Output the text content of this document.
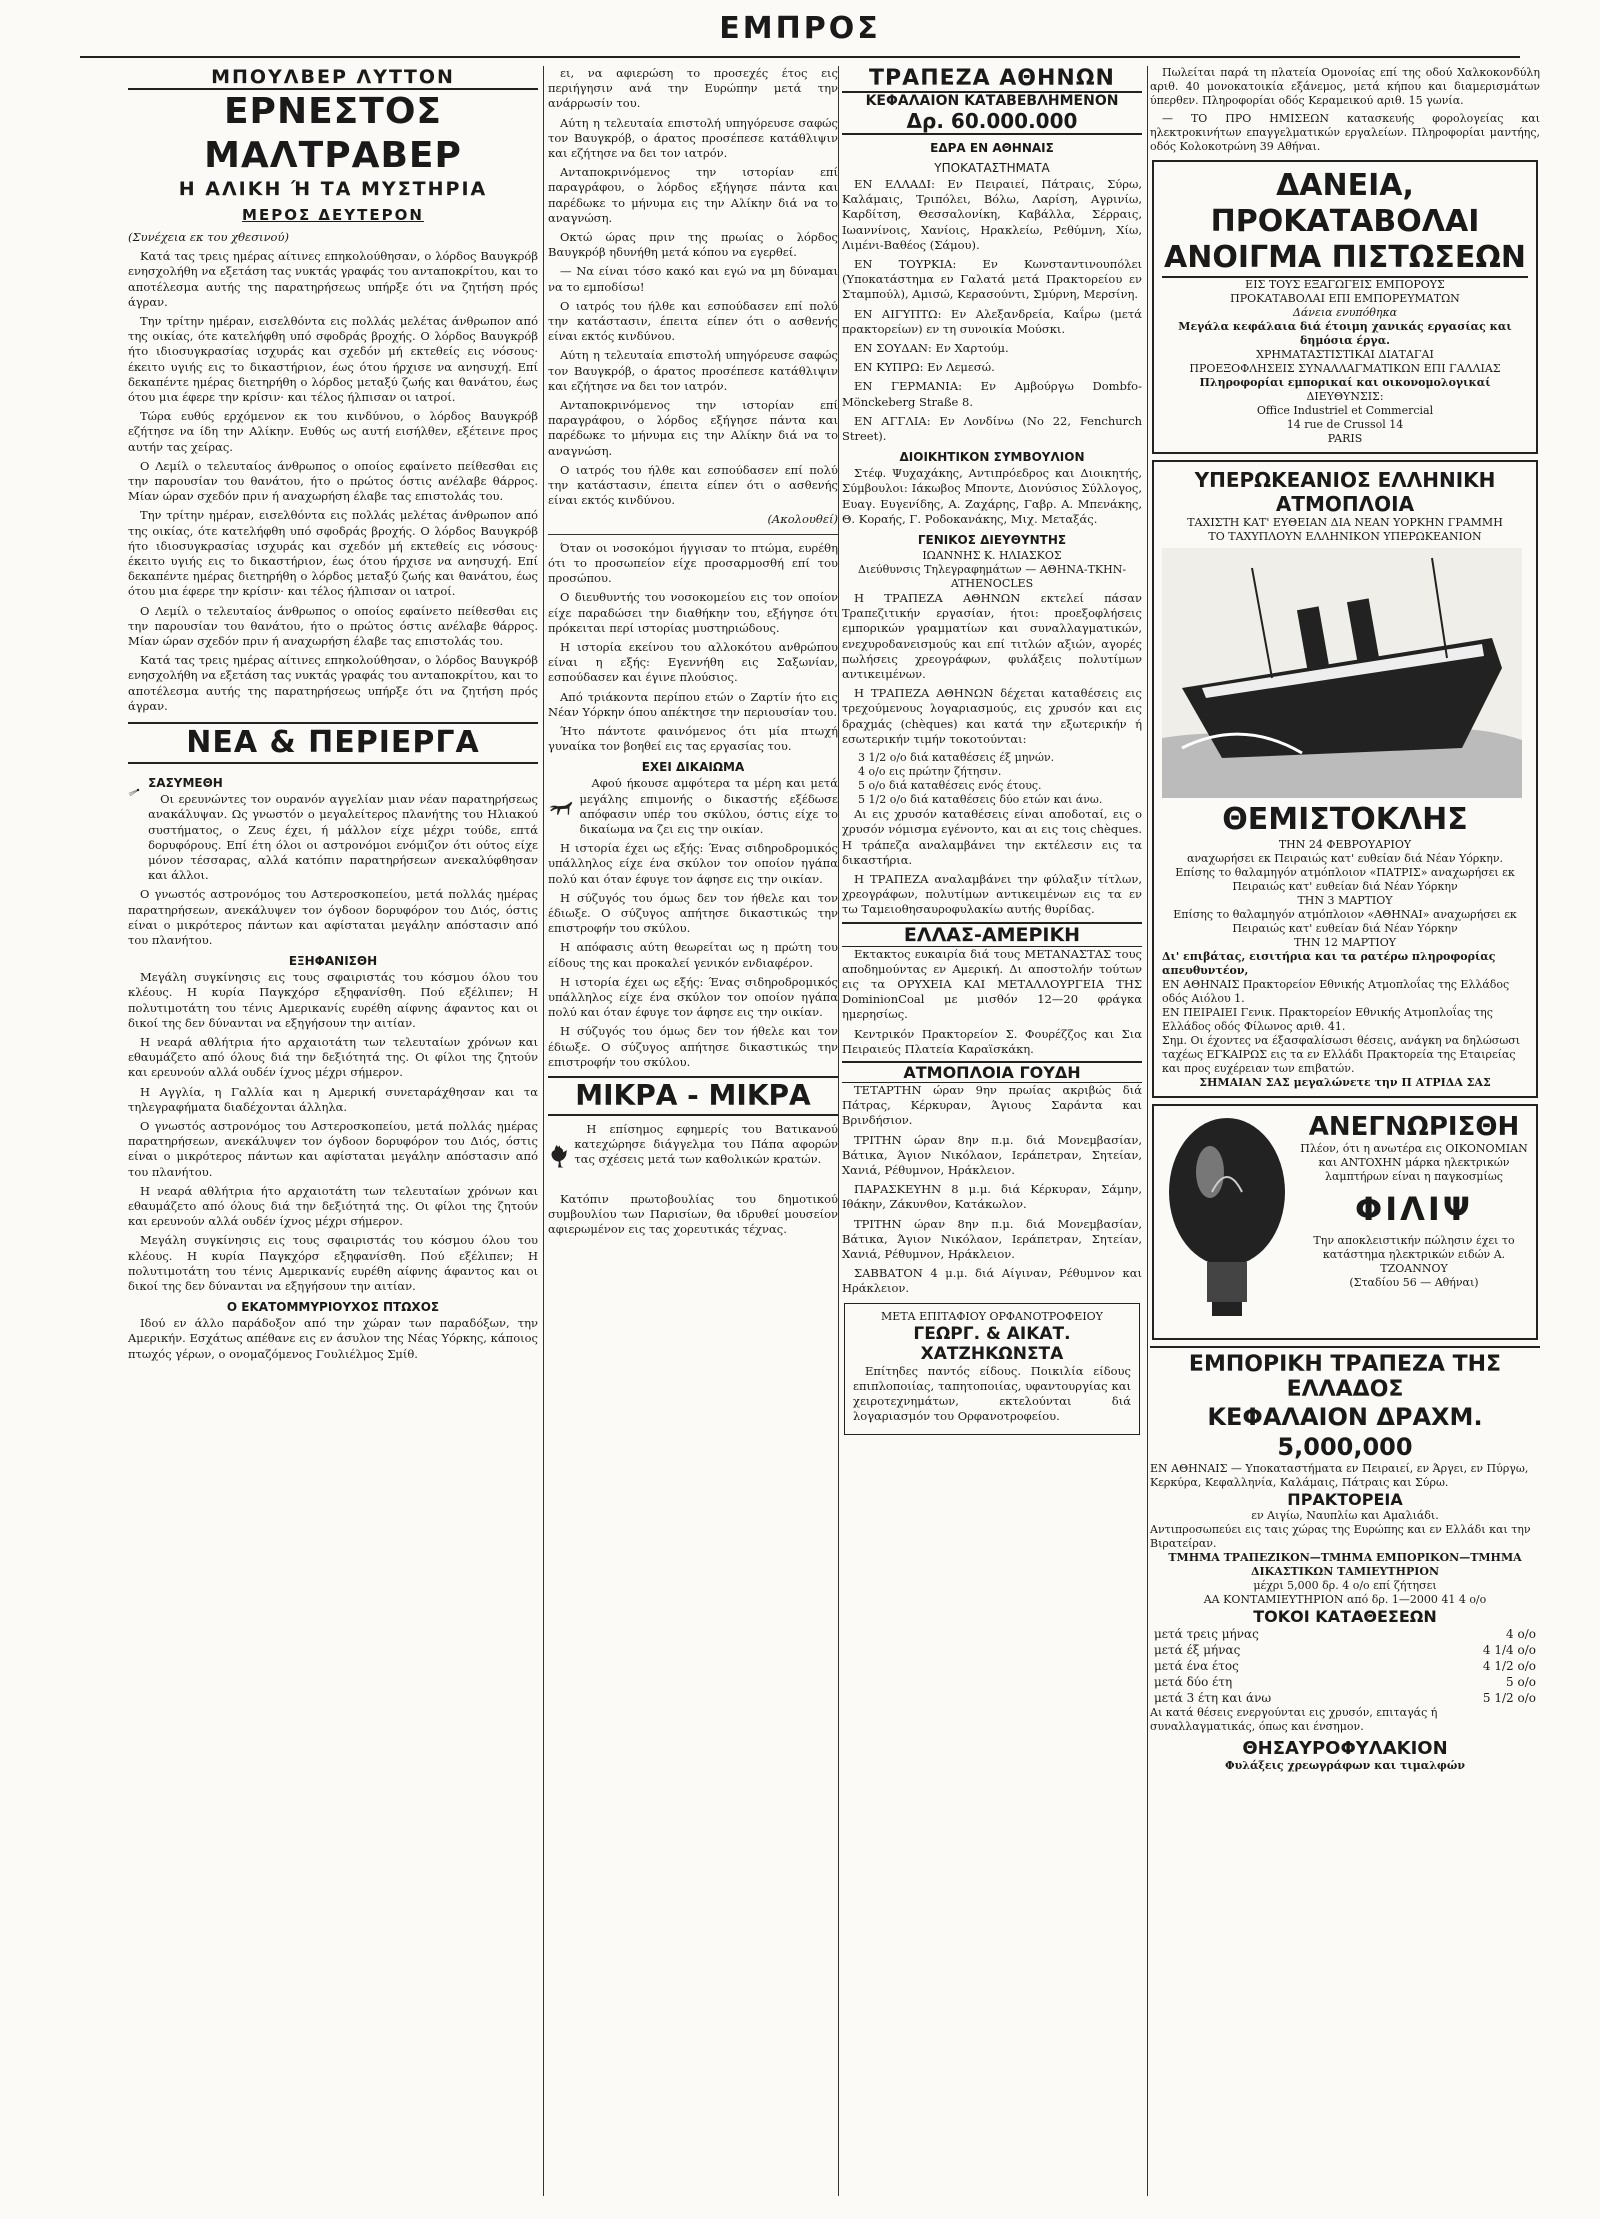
ΕΜΠΡΟΣ
ΜΠΟΥΛΒΕΡ ΛΥΤΤΟΝ
ΕΡΝΕΣΤΟΣ ΜΑΛΤΡΑΒΕΡ
Η ΑΛΙΚΗ Ή ΤΑ ΜΥΣΤΗΡΙΑ
ΜΕΡΟΣ ΔΕΥΤΕΡΟΝ
(Συνέχεια εκ του χθεσινού)

Κατά τας τρεις ημέρας αίτινες επηκολούθησαν, ο λόρδος Βαυγκρόβ ενησχολήθη να εξετάση τας νυκτάς γραφάς του ανταποκρίτου, και το αποτέλεσμα αυτής της παρατηρήσεως υπήρξε ότι να ζητήση πρός άγραν.

Την τρίτην ημέραν, εισελθόντα εις πολλάς μελέτας άνθρωπον από της οικίας, ότε κατελήφθη υπό σφοδράς βροχής. Ο λόρδος Βαυγκρόβ ήτο ιδιοσυγκρασίας ισχυράς και σχεδόν μή εκτεθείς εις νόσους· έκειτο υγιής εις το δικαστήριον, έως ότου ήρχισε να ανησυχή. Επί δεκαπέντε ημέρας διετηρήθη ο λόρδος μεταξύ ζωής και θανάτου, έως ότου μια έφερε την κρίσιν· και τέλος ήλπισαν οι ιατροί.

Τώρα ευθύς ερχόμενον εκ του κινδύνου, ο λόρδος Βαυγκρόβ εζήτησε να ίδη την Αλίκην. Ευθύς ως αυτή εισήλθεν, εξέτεινε προς αυτήν τας χείρας.

Ο Λεμίλ ο τελευταίος άνθρωπος ο οποίος εφαίνετο πείθεσθαι εις την παρουσίαν του θανάτου, ήτο ο πρώτος όστις ανέλαβε θάρρος. Μίαν ώραν σχεδόν πριν ή αναχωρήση έλαβε τας επιστολάς του.

Την τρίτην ημέραν, εισελθόντα εις πολλάς μελέτας άνθρωπον από της οικίας, ότε κατελήφθη υπό σφοδράς βροχής. Ο λόρδος Βαυγκρόβ ήτο ιδιοσυγκρασίας ισχυράς και σχεδόν μή εκτεθείς εις νόσους· έκειτο υγιής εις το δικαστήριον, έως ότου ήρχισε να ανησυχή. Επί δεκαπέντε ημέρας διετηρήθη ο λόρδος μεταξύ ζωής και θανάτου, έως ότου μια έφερε την κρίσιν· και τέλος ήλπισαν οι ιατροί.

Ο Λεμίλ ο τελευταίος άνθρωπος ο οποίος εφαίνετο πείθεσθαι εις την παρουσίαν του θανάτου, ήτο ο πρώτος όστις ανέλαβε θάρρος. Μίαν ώραν σχεδόν πριν ή αναχωρήση έλαβε τας επιστολάς του.

Κατά τας τρεις ημέρας αίτινες επηκολούθησαν, ο λόρδος Βαυγκρόβ ενησχολήθη να εξετάση τας νυκτάς γραφάς του ανταποκρίτου, και το αποτέλεσμα αυτής της παρατηρήσεως υπήρξε ότι να ζητήση πρός άγραν.

ΝΕΑ & ΠΕΡΙΕΡΓΑ
ΣΑΣΥΜΕΘΗ

Οι ερευνώντες τον ουρανόν αγγελίαν μιαν νέαν παρατηρήσεως ανακάλυψαν. Ως γνωστόν ο μεγαλείτερος πλανήτης του Ηλιακού συστήματος, ο Ζευς έχει, ή μάλλον είχε μέχρι τούδε, επτά δορυφόρους. Επί έτη όλοι οι αστρονόμοι ενόμιζον ότι ούτος είχε μόνον τέσσαρας, αλλά κατόπιν παρατηρήσεων ανεκαλύφθησαν και άλλοι.

Ο γνωστός αστρονόμος του Αστεροσκοπείου, μετά πολλάς ημέρας παρατηρήσεων, ανεκάλυψεν τον όγδοον δορυφόρον του Διός, όστις είναι ο μικρότερος πάντων και αφίσταται μεγάλην απόστασιν από του πλανήτου.

ΕΞΗΦΑΝΙΣΘΗ

Μεγάλη συγκίνησις εις τους σφαιριστάς του κόσμου όλου του κλέους. Η κυρία Παγκχόρσ εξηφανίσθη. Πού εξέλιπεν; Η πολυτιμοτάτη του τένις Αμερικανίς ευρέθη αίφνης άφαντος και οι δικοί της δεν δύνανται να εξηγήσουν την αιτίαν.

Η νεαρά αθλήτρια ήτο αρχαιοτάτη των τελευταίων χρόνων και εθαυμάζετο από όλους διά την δεξιότητά της. Οι φίλοι της ζητούν και ερευνούν αλλά ουδέν ίχνος μέχρι σήμερον.

Η Αγγλία, η Γαλλία και η Αμερική συνεταράχθησαν και τα τηλεγραφήματα διαδέχονται άλληλα.

Ο γνωστός αστρονόμος του Αστεροσκοπείου, μετά πολλάς ημέρας παρατηρήσεων, ανεκάλυψεν τον όγδοον δορυφόρον του Διός, όστις είναι ο μικρότερος πάντων και αφίσταται μεγάλην απόστασιν από του πλανήτου.

Η νεαρά αθλήτρια ήτο αρχαιοτάτη των τελευταίων χρόνων και εθαυμάζετο από όλους διά την δεξιότητά της. Οι φίλοι της ζητούν και ερευνούν αλλά ουδέν ίχνος μέχρι σήμερον.

Μεγάλη συγκίνησις εις τους σφαιριστάς του κόσμου όλου του κλέους. Η κυρία Παγκχόρσ εξηφανίσθη. Πού εξέλιπεν; Η πολυτιμοτάτη του τένις Αμερικανίς ευρέθη αίφνης άφαντος και οι δικοί της δεν δύνανται να εξηγήσουν την αιτίαν.

Ο ΕΚΑΤΟΜΜΥΡΙΟΥΧΟΣ ΠΤΩΧΟΣ

Ιδού εν άλλο παράδοξον από την χώραν των παραδόξων, την Αμερικήν. Εσχάτως απέθανε εις εν άσυλον της Νέας Υόρκης, κάποιος πτωχός γέρων, ο ονομαζόμενος Γουλιέλμος Σμίθ.

ει, να αφιερώση το προσεχές έτος εις περιήγησιν ανά την Ευρώπην μετά την ανάρρωσίν του.

Αύτη η τελευταία επιστολή υπηγόρευσε σαφώς τον Βαυγκρόβ, ο άρατος προσέπεσε κατάθλιψιν και εζήτησε να δει τον ιατρόν.

Ανταποκρινόμενος την ιστορίαν επί παραγράφου, ο λόρδος εξήγησε πάντα και παρέδωκε το μήνυμα εις την Αλίκην διά να το αναγνώση.

Οκτώ ώρας πριν της πρωίας ο λόρδος Βαυγκρόβ ηδυνήθη μετά κόπου να εγερθεί.

— Να είναι τόσο κακό και εγώ να μη δύναμαι να το εμποδίσω!

Ο ιατρός του ήλθε και εσπούδασεν επί πολύ την κατάστασιν, έπειτα είπεν ότι ο ασθενής είναι εκτός κινδύνου.

Αύτη η τελευταία επιστολή υπηγόρευσε σαφώς τον Βαυγκρόβ, ο άρατος προσέπεσε κατάθλιψιν και εζήτησε να δει τον ιατρόν.

Ανταποκρινόμενος την ιστορίαν επί παραγράφου, ο λόρδος εξήγησε πάντα και παρέδωκε το μήνυμα εις την Αλίκην διά να το αναγνώση.

Ο ιατρός του ήλθε και εσπούδασεν επί πολύ την κατάστασιν, έπειτα είπεν ότι ο ασθενής είναι εκτός κινδύνου.

(Ακολουθεί)

Όταν οι νοσοκόμοι ήγγισαν το πτώμα, ευρέθη ότι το προσωπείον είχε προσαρμοσθή επί του προσώπου.

Ο διευθυντής του νοσοκομείου εις τον οποίον είχε παραδώσει την διαθήκην του, εξήγησε ότι πρόκειται περί ιστορίας μυστηριώδους.

Η ιστορία εκείνου του αλλοκότου ανθρώπου είναι η εξής: Εγεννήθη εις Σαξωνίαν, εσπούδασεν και έγινε πλούσιος.

Από τριάκοντα περίπου ετών ο Ζαρτίν ήτο εις Νέαν Υόρκην όπου απέκτησε την περιουσίαν του.

Ήτο πάντοτε φαινόμενος ότι μία πτωχή γυναίκα τον βοηθεί εις τας εργασίας του.

ΕΧΕΙ ΔΙΚΑΙΩΜΑ

Αφού ήκουσε αμφότερα τα μέρη και μετά μεγάλης επιμονής ο δικαστής εξέδωσε απόφασιν υπέρ του σκύλου, όστις είχε το δικαίωμα να ζει εις την οικίαν.

Η ιστορία έχει ως εξής: Ένας σιδηροδρομικός υπάλληλος είχε ένα σκύλον τον οποίον ηγάπα πολύ και όταν έφυγε τον άφησε εις την οικίαν.

Η σύζυγός του όμως δεν τον ήθελε και τον έδιωξε. Ο σύζυγος απήτησε δικαστικώς την επιστροφήν του σκύλου.

Η απόφασις αύτη θεωρείται ως η πρώτη του είδους της και προκαλεί γενικόν ενδιαφέρον.

Η ιστορία έχει ως εξής: Ένας σιδηροδρομικός υπάλληλος είχε ένα σκύλον τον οποίον ηγάπα πολύ και όταν έφυγε τον άφησε εις την οικίαν.

Η σύζυγός του όμως δεν τον ήθελε και τον έδιωξε. Ο σύζυγος απήτησε δικαστικώς την επιστροφήν του σκύλου.

ΜΙΚΡΑ - ΜΙΚΡΑ

Η επίσημος εφημερίς του Βατικανού κατεχώρησε διάγγελμα του Πάπα αφορών τας σχέσεις μετά των καθολικών κρατών.

Κατόπιν πρωτοβουλίας του δημοτικού συμβουλίου των Παρισίων, θα ιδρυθεί μουσείον αφιερωμένον εις τας χορευτικάς τέχνας.

ΤΡΑΠΕΖΑ ΑΘΗΝΩΝ
ΚΕΦΑΛΑΙΟΝ ΚΑΤΑΒΕΒΛΗΜΕΝΟΝ
Δρ. 60.000.000
ΕΔΡΑ ΕΝ ΑΘΗΝΑΙΣ
ΥΠΟΚΑΤΑΣΤΗΜΑΤΑ

ΕΝ ΕΛΛΑΔΙ: Εν Πειραιεί, Πάτραις, Σύρω, Καλάμαις, Τριπόλει, Βόλω, Λαρίση, Αγρινίω, Καρδίτση, Θεσσαλονίκη, Καβάλλα, Σέρραις, Ιωαννίνοις, Χανίοις, Ηρακλείω, Ρεθύμνη, Χίω, Λιμένι-Βαθέος (Σάμου).

ΕΝ ΤΟΥΡΚΙΑ: Εν Κωνσταντινουπόλει (Υποκατάστημα εν Γαλατά μετά Πρακτορείου εν Σταμπούλ), Αμισώ, Κερασούντι, Σμύρνη, Μερσίνη.

ΕΝ ΑΙΓΥΠΤΩ: Εν Αλεξανδρεία, Καΐρω (μετά πρακτορείων) εν τη συνοικία Μούσκι.

ΕΝ ΣΟΥΔΑΝ: Εν Χαρτούμ.

ΕΝ ΚΥΠΡΩ: Εν Λεμεσώ.

ΕΝ ΓΕΡΜΑΝΙΑ: Εν Αμβούργω Dombfo-Mönckeberg Straße 8.

ΕΝ ΑΓΓΛΙΑ: Εν Λονδίνω (No 22, Fenchurch Street).

ΔΙΟΙΚΗΤΙΚΟΝ ΣΥΜΒΟΥΛΙΟΝ

Στέφ. Ψυχαχάκης, Αντιπρόεδρος και Διοικητής, Σύμβουλοι: Ιάκωβος Μποντε, Διονύσιος Σύλλογος, Ευαγ. Ευγενίδης, Α. Ζαχάρης, Γαβρ. Α. Μπενάκης, Θ. Κοραής, Γ. Ροδοκανάκης, Μιχ. Μεταξάς.

ΓΕΝΙΚΟΣ ΔΙΕΥΘΥΝΤΗΣ
ΙΩΑΝΝΗΣ Κ. ΗΛΙΑΣΚΟΣ
Διεύθυνσις Τηλεγραφημάτων — ΑΘΗΝΑ-ΤΚΗΝ-ATHENOCLES

Η ΤΡΑΠΕΖΑ ΑΘΗΝΩΝ εκτελεί πάσαν Τραπεζιτικήν εργασίαν, ήτοι: προεξοφλήσεις εμπορικών γραμματίων και συναλλαγματικών, ενεχυροδανεισμούς και επί τιτλών αξιών, αγορές πωλήσεις χρεογράφων, φυλάξεις πολυτίμων αντικειμένων.

Η ΤΡΑΠΕΖΑ ΑΘΗΝΩΝ δέχεται καταθέσεις εις τρεχούμενους λογαριασμούς, εις χρυσόν και εις δραχμάς (chèques) και κατά την εξωτερικήν ή εσωτερικήν τιμήν τοκοτούνται:

3 1/2 ο/ο διά καταθέσεις έξ μηνών.
4 ο/ο εις πρώτην ζήτησιν.
5 ο/ο διά καταθέσεις ενός έτους.
5 1/2 ο/ο διά καταθέσεις δύο ετών και άνω.

Αι εις χρυσόν καταθέσεις είναι αποδοταί, εις ο χρυσόν νόμισμα εγένοντο, και αι εις τοις chèques. Η τράπεζα αναλαμβάνει την εκτέλεσιν εις τα δικαστήρια.

Η ΤΡΑΠΕΖΑ αναλαμβάνει την φύλαξιν τίτλων, χρεογράφων, πολυτίμων αντικειμένων εις τα εν τω Ταμειοθησαυροφυλακίω αυτής θυρίδας.

ΕΛΛΑΣ-ΑΜΕΡΙΚΗ

Εκτακτος ευκαιρία διά τους ΜΕΤΑΝΑΣΤΑΣ τους αποδημούντας εν Αμερική. Δι αποστολήν τούτων εις τα ΟΡΥΧΕΙΑ ΚΑΙ ΜΕΤΑΛΛΟΥΡΓΕΙΑ ΤΗΣ DominionCoal με μισθόν 12—20 φράγκα ημερησίως.

Κεντρικόν Πρακτορείον Σ. Φουρέζζος και Σια Πειραιεύς Πλατεία Καραϊσκάκη.

ΑΤΜΟΠΛΟΙΑ ΓΟΥΔΗ

ΤΕΤΑΡΤΗΝ ώραν 9ην πρωίας ακριβώς διά Πάτρας, Κέρκυραν, Άγιους Σαράντα και Βρινδήσιον.

ΤΡΙΤΗΝ ώραν 8ην π.μ. διά Μονεμβασίαν, Βάτικα, Άγιον Νικόλαον, Ιεράπετραν, Σητείαν, Χανιά, Ρέθυμνον, Ηράκλειον.

ΠΑΡΑΣΚΕΥΗΝ 8 μ.μ. διά Κέρκυραν, Σάμην, Ιθάκην, Ζάκυνθον, Κατάκωλον.

ΤΡΙΤΗΝ ώραν 8ην π.μ. διά Μονεμβασίαν, Βάτικα, Άγιον Νικόλαον, Ιεράπετραν, Σητείαν, Χανιά, Ρέθυμνον, Ηράκλειον.

ΣΑΒΒΑΤΟΝ 4 μ.μ. διά Αίγιναν, Ρέθυμνον και Ηράκλειον.

ΜΕΤΑ ΕΠΙΤΑΦΙΟΥ ΟΡΦΑΝΟΤΡΟΦΕΙΟΥ
ΓΕΩΡΓ. & ΑΙΚΑΤ. ΧΑΤΖΗΚΩΝΣΤΑ

Επίτηδες παντός είδους. Ποικιλία είδους επιπλοποιίας, ταπητοποιίας, υφαντουργίας και χειροτεχνημάτων, εκτελούνται διά λογαριασμόν του Ορφανοτροφείου.

Πωλείται παρά τη πλατεία Ομονοίας επί της οδού Χαλκοκονδύλη αριθ. 40 μονοκατοικία εξάνεμος, μετά κήπου και διαμερισμάτων ύπερθεν. Πληροφορίαι οδός Κεραμεικού αριθ. 15 γωνία.

— ΤΟ ΠΡΟ ΗΜΙΣΕΩΝ κατασκευής φορολογείας και ηλεκτροκινήτων επαγγελματικών εργαλείων. Πληροφορίαι μαντήης, οδός Κολοκοτρώνη 39 Αθήναι.

ΔΑΝΕΙΑ, ΠΡΟΚΑΤΑΒΟΛΑΙ
ΑΝΟΙΓΜΑ ΠΙΣΤΩΣΕΩΝ
ΕΙΣ ΤΟΥΣ ΕΞΑΓΩΓΕΙΣ ΕΜΠΟΡΟΥΣ
ΠΡΟΚΑΤΑΒΟΛΑΙ ΕΠΙ ΕΜΠΟΡΕΥΜΑΤΩΝ
Δάνεια ενυπόθηκα
Μεγάλα κεφάλαια διά έτοιμη χανικάς εργασίας και δημόσια έργα.
ΧΡΗΜΑΤΑΣΤΙΣΤΙΚΑΙ ΔΙΑΤΑΓΑΙ
ΠΡΟΕΞΟΦΛΗΣΕΙΣ ΣΥΝΑΛΛΑΓΜΑΤΙΚΩΝ ΕΠΙ ΓΑΛΛΙΑΣ
Πληροφορίαι εμπορικαί και οικονομολογικαί
ΔΙΕΥΘΥΝΣΙΣ:
Office Industriel et Commercial
14 rue de Crussol 14
PARIS
ΥΠΕΡΩΚΕΑΝΙΟΣ ΕΛΛΗΝΙΚΗ ΑΤΜΟΠΛΟΙΑ
ΤΑΧΙΣΤΗ ΚΑΤ' ΕΥΘΕΙΑΝ ΔΙΑ ΝΕΑΝ ΥΟΡΚΗΝ ΓΡΑΜΜΗ
ΤΟ ΤΑΧΥΠΛΟΥΝ ΕΛΛΗΝΙΚΟΝ ΥΠΕΡΩΚΕΑΝΙΟΝ
ΘΕΜΙΣΤΟΚΛΗΣ
ΤΗΝ 24 ΦΕΒΡΟΥΑΡΙΟΥ
αναχωρήσει εκ Πειραιώς κατ' ευθείαν διά Νέαν Υόρκην.
Επίσης το θαλαμηγόν ατμόπλοιον «ΠΑΤΡΙΣ» αναχωρήσει εκ Πειραιώς κατ' ευθείαν διά Νέαν Υόρκην
ΤΗΝ 3 ΜΑΡΤΙΟΥ
Επίσης το θαλαμηγόν ατμόπλοιον «ΑΘΗΝΑΙ» αναχωρήσει εκ Πειραιώς κατ' ευθείαν διά Νέαν Υόρκην
ΤΗΝ 12 ΜΑΡΤΙΟΥ
Δι' επιβάτας, εισιτήρια και τα ρατέρω πληροφορίας απευθυντέον,
ΕΝ ΑΘΗΝΑΙΣ Πρακτορείον Εθνικής Ατμοπλοΐας της Ελλάδος οδός Αιόλου 1.
ΕΝ ΠΕΙΡΑΙΕΙ Γενικ. Πρακτορείον Εθνικής Ατμοπλοΐας της Ελλάδος οδός Φίλωνος αριθ. 41.
Σημ. Οι έχοντες να έξασφαλίσωσι θέσεις, ανάγκη να δηλώσωσι ταχέως ΕΓΚΑΙΡΩΣ εις τα εν Ελλάδι Πρακτορεία της Εταιρείας και προς ευχέρειαν των επιβατών.
ΣΗΜΑΙΑΝ ΣΑΣ μεγαλώνετε την Π ΑΤΡΙΔΑ ΣΑΣ
ΑΝΕΓΝΩΡΙΣΘΗ
Πλέον, ότι η ανωτέρα εις ΟΙΚΟΝΟΜΙΑΝ και ΑΝΤΟΧΗΝ μάρκα ηλεκτρικών λαμπτήρων είναι η παγκοσμίως
ΦΙΛΙΨ
Την αποκλειστικήν πώλησιν έχει το κατάστημα ηλεκτρικών ειδών Α. ΤΖΟΑΝΝΟΥ
(Σταδίου 56 — Αθήναι)
ΕΜΠΟΡΙΚΗ ΤΡΑΠΕΖΑ ΤΗΣ ΕΛΛΑΔΟΣ
ΚΕΦΑΛΑΙΟΝ ΔΡΑΧΜ. 5,000,000
ΕΝ ΑΘΗΝΑΙΣ — Υποκαταστήματα εν Πειραιεί, εν Άργει, εν Πύργω, Κερκύρα, Κεφαλληνία, Καλάμαις, Πάτραις και Σύρω.
ΠΡΑΚΤΟΡΕΙΑ
εν Αιγίω, Ναυπλίω και Αμαλιάδι.
Αντιπροσωπεύει εις ταις χώρας της Ευρώπης και εν Ελλάδι και την Βιρατείραν.
ΤΜΗΜΑ ΤΡΑΠΕΖΙΚΟΝ—ΤΜΗΜΑ ΕΜΠΟΡΙΚΟΝ—ΤΜΗΜΑ ΔΙΚΑΣΤΙΚΩΝ ΤΑΜΙΕΥΤΗΡΙΟΝ
μέχρι 5,000 δρ. 4 ο/ο επί ζήτησει
ΑΑ ΚΟΝΤΑΜΙΕΥΤΗΡΙΟΝ από δρ. 1—2000 41 4 ο/ο
ΤΟΚΟΙ ΚΑΤΑΘΕΣΕΩΝ
μετά τρεις μήνας	4 ο/ο
μετά έξ μήνας	4 1/4 ο/ο
μετά ένα έτος	4 1/2 ο/ο
μετά δύο έτη	5 ο/ο
μετά 3 έτη και άνω	5 1/2 ο/ο
Αι κατά θέσεις ενεργούνται εις χρυσόν, επιταγάς ή συναλλαγματικάς, όπως και ένσημον.
ΘΗΣΑΥΡΟΦΥΛΑΚΙΟΝ
Φυλάξεις χρεωγράφων και τιμαλφών
